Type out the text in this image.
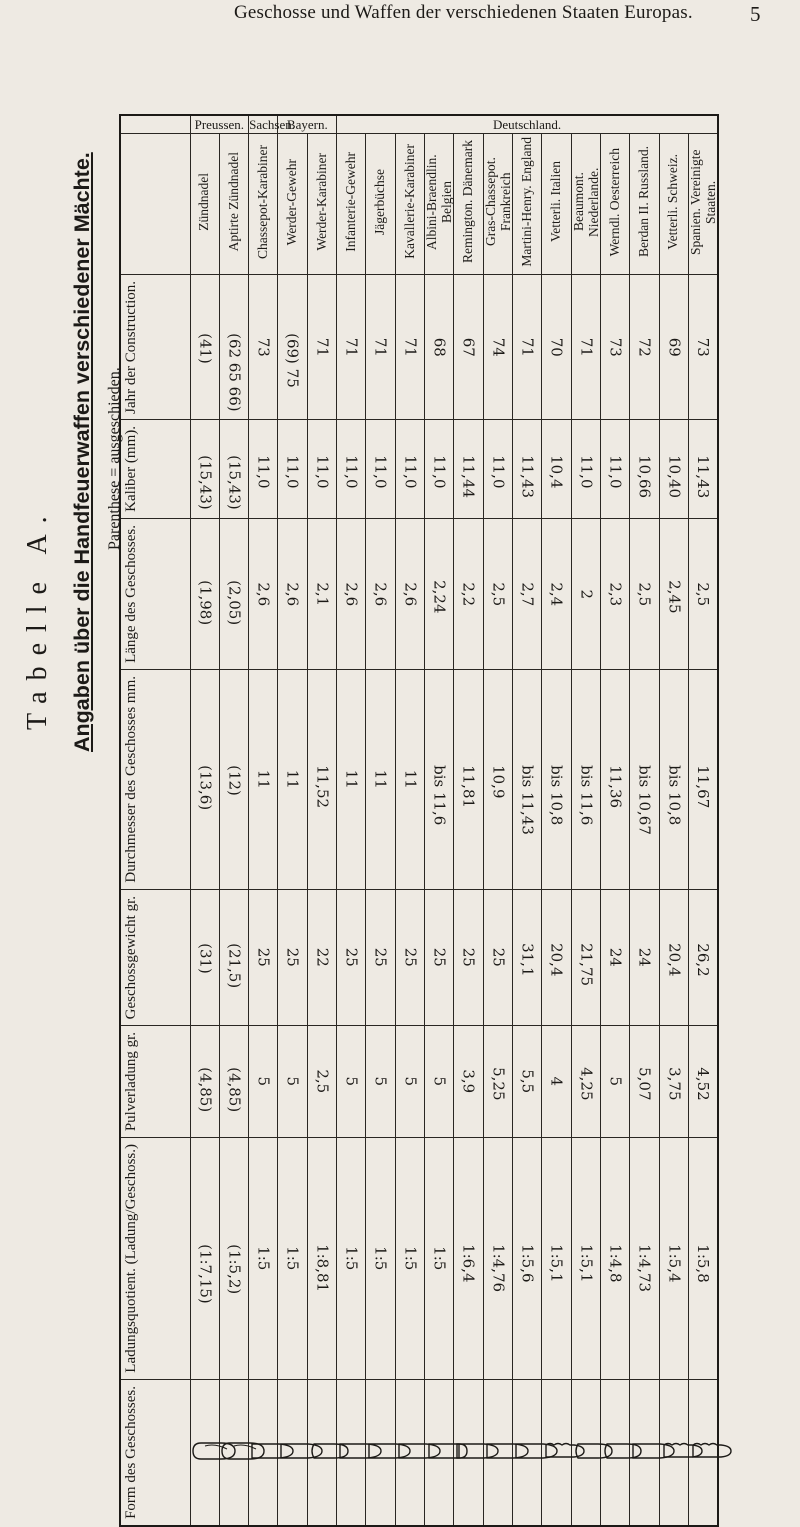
Geschosse und Waffen der verschiedenen Staaten Europas.	5
Tabelle A. Angaben über die Handfeuerwaffen verschiedener Mächte. Parenthese = ausgeschieden.
	Preussen.		Sachsen.	Bayern.		Deutschland.												
	Zündnadel	Aptirte Zündnadel	Chassepot-Karabiner	Werder-Gewehr	Werder-Karabiner	Infanterie-Gewehr	Jägerbüchse	Kavallerie-Karabiner	Albini-Braendlin. Belgien	Remington. Dänemark	Gras-Chassepot. Frankreich	Martini-Henry. England	Vetterli. Italien	Beaumont. Niederlande.	Werndl. Oesterreich	Berdan II. Russland.	Vetterli. Schweiz.	Spanien. Vereinigte Staaten.

Jahr der Construction.	(41)	(62 65 66)	73	(69) 75	71	71	71	71	68	67	74	71	70	71	73	72	69	73

Kaliber (mm).	(15,43)	(15,43)	11,0	11,0	11,0	11,0	11,0	11,0	11,0	11,44	11,0	11,43	10,4	11,0	11,0	10,66	10,40	11,43

Länge des Geschosses.	(1,98)	(2,05)	2,6	2,6	2,1	2,6	2,6	2,6	2,24	2,2	2,5	2,7	2,4	2	2,3	2,5	2,45	2,5

Durchmesser des Geschosses mm.	(13,6)	(12)	11	11	11,52	11	11	11	bis 11,6	11,81	10,9	bis 11,43	bis 10,8	bis 11,6	11,36	bis 10,67	bis 10,8	11,67

Geschossgewicht gr.	(31)	(21,5)	25	25	22	25	25	25	25	25	25	31,1	20,4	21,75	24	24	20,4	26,2

Pulverladung gr.	(4,85)	(4,85)	5	5	2,5	5	5	5	5	3,9	5,25	5,5	4	4,25	5	5,07	3,75	4,52

Ladungsquotient. (Ladung/Geschoss.)	(1:7,15)	(1:5,2)	1:5	1:5	1:8,81	1:5	1:5	1:5	1:5	1:6,4	1:4,76	1:5,6	1:5,1	1:5,1	1:4,8	1:4,73	1:5,4	1:5,8

Form des Geschosses.
